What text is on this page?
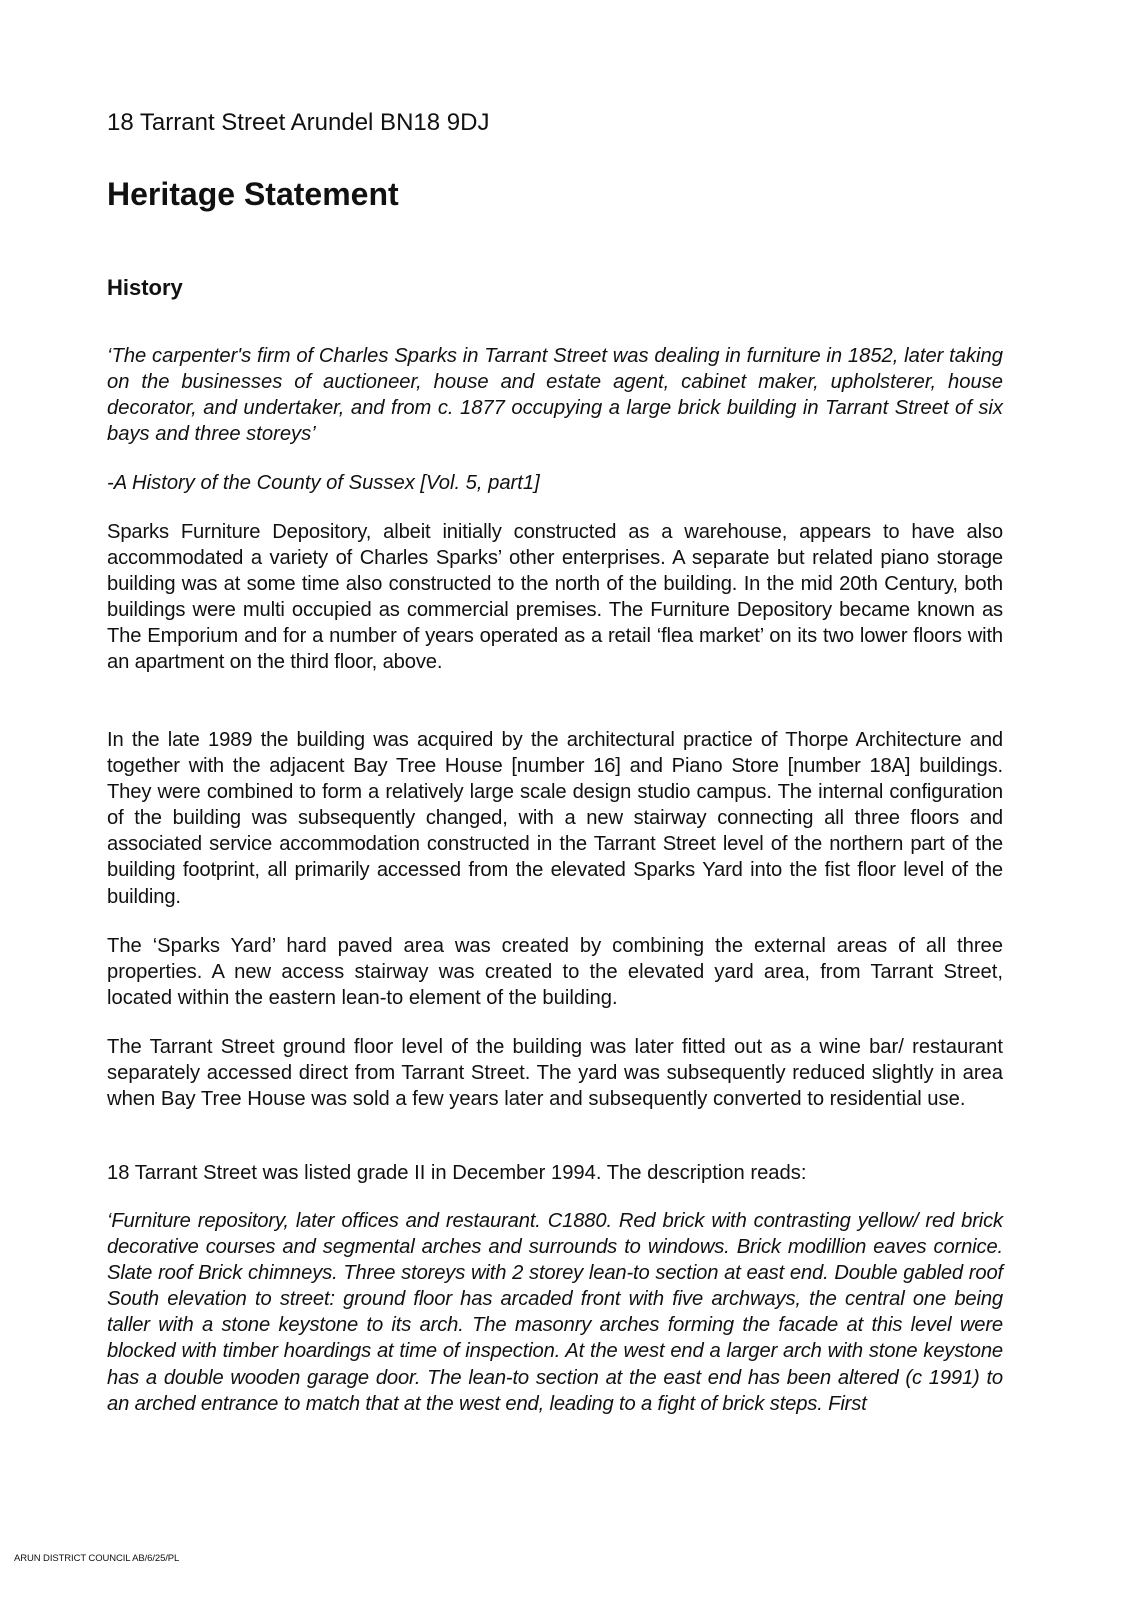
18 Tarrant Street Arundel BN18 9DJ
Heritage Statement
History

‘The carpenter's firm of Charles Sparks in Tarrant Street was dealing in furniture in 1852, later taking on the businesses of auctioneer, house and estate agent, cabinet maker, upholsterer, house decorator, and undertaker, and from c. 1877 occupying a large brick building in Tarrant Street of six bays and three storeys’

-A History of the County of Sussex [Vol. 5, part1]

Sparks Furniture Depository, albeit initially constructed as a warehouse, appears to have also accommodated a variety of Charles Sparks’ other enterprises. A separate but related piano storage building was at some time also constructed to the north of the building. In the mid 20th Century, both buildings were multi occupied as commercial premises. The Furniture Depository became known as The Emporium and for a number of years operated as a retail ‘flea market’ on its two lower floors with an apartment on the third floor, above.

In the late 1989 the building was acquired by the architectural practice of Thorpe Architecture and together with the adjacent Bay Tree House [number 16] and Piano Store [number 18A] buildings. They were combined to form a relatively large scale design studio campus. The internal configuration of the building was subsequently changed, with a new stairway connecting all three floors and associated service accommodation constructed in the Tarrant Street level of the northern part of the building footprint, all primarily accessed from the elevated Sparks Yard into the fist floor level of the building.

The ‘Sparks Yard’ hard paved area was created by combining the external areas of all three properties. A new access stairway was created to the elevated yard area, from Tarrant Street, located within the eastern lean-to element of the building.

The Tarrant Street ground floor level of the building was later fitted out as a wine bar/ restaurant separately accessed direct from Tarrant Street. The yard was subsequently reduced slightly in area when Bay Tree House was sold a few years later and subsequently converted to residential use.

18 Tarrant Street was listed grade II in December 1994. The description reads:

‘Furniture repository, later offices and restaurant. C1880. Red brick with contrasting yellow/ red brick decorative courses and segmental arches and surrounds to windows. Brick modillion eaves cornice. Slate roof Brick chimneys. Three storeys with 2 storey lean-to section at east end. Double gabled roof South elevation to street: ground floor has arcaded front with five archways, the central one being taller with a stone keystone to its arch. The masonry arches forming the facade at this level were blocked with timber hoardings at time of inspection. At the west end a larger arch with stone keystone has a double wooden garage door. The lean-to section at the east end has been altered (c 1991) to an arched entrance to match that at the west end, leading to a fight of brick steps. First

ARUN DISTRICT COUNCIL AB/6/25/PL
